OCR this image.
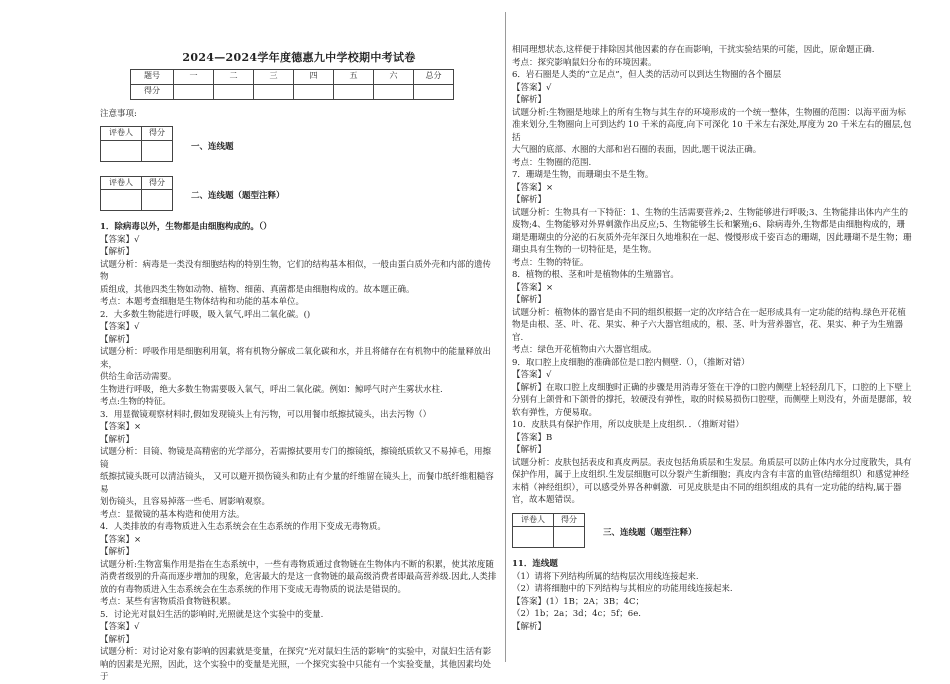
2024—2024学年度德惠九中学校期中考试卷
题号	一	二	三	四	五	六	总分
得分							
注意事项:
评卷人	得分

一、连线题
评卷人	得分

二、连线题（题型注释）

1．除病毒以外，生物都是由细胞构成的。（）

【答案】√

【解析】

试题分析：病毒是一类没有细胞结构的特别生物，它们的结构基本相似，一般由蛋白质外壳和内部的遗传物

质组成，其他四类生物如动物、植物、细菌、真菌都是由细胞构成的。故本题正确。

考点：本题考查细胞是生物体结构和功能的基本单位。

2．大多数生物能进行呼吸，吸入氧气,呼出二氧化碳。()

【答案】√

【解析】

试题分析：呼吸作用是细胞利用氧，将有机物分解成二氧化碳和水，并且将储存在有机物中的能量释放出来，

供给生命活动需要。

生物进行呼吸，绝大多数生物需要吸入氧气，呼出二氧化碳。例如：鲸呼气时产生雾状水柱.

考点:生物的特征。

3．用显微镜观察材料时,假如发现镜头上有污物，可以用餐巾纸擦拭镜头，出去污物（）

【答案】×

【解析】

试题分析：目镜、物镜是高精密的光学部分，若需擦拭要用专门的擦镜纸，擦镜纸质软又不易掉毛，用擦镜

纸擦拭镜头既可以清洁镜头， 又可以避开损伤镜头和防止有少量的纤维留在镜头上，而餐巾纸纤维粗糙容易

划伤镜头，且容易掉落一些毛、屑影响观察。

考点：显微镜的基本构造和使用方法。

4．人类排放的有毒物质进入生态系统会在生态系统的作用下变成无毒物质。

【答案】×

【解析】

试题分析:生物富集作用是指在生态系统中，一些有毒物质通过食物链在生物体内不断的积累，使其浓度随

消费者级别的升高而逐步增加的现象，危害最大的是这一食物链的最高级消费者即最高营养级.因此,人类排

放的有毒物质进入生态系统会在生态系统的作用下变成无毒物质的说法是错误的。

考点：某些有害物质沿食物链积累。

5．讨论光对鼠妇生活的影响时,光照就是这个实验中的变量.

【答案】√

【解析】

试题分析：对讨论对象有影响的因素就是变量，在探究“光对鼠妇生活的影响”的实验中，对鼠妇生活有影

响的因素是光照，因此，这个实验中的变量是光照，一个探究实验中只能有一个实验变量，其他因素均处于

相同理想状态,这样便于排除因其他因素的存在而影响，干扰实验结果的可能，因此，原命题正确.

考点：探究影响鼠妇分布的环境因素。

6．岩石圈是人类的“立足点”，但人类的活动可以到达生物圈的各个圈层

【答案】√

【解析】

试题分析:生物圈是地球上的所有生物与其生存的环境形成的一个统一整体，生物圈的范围：以海平面为标

准来划分,生物圈向上可到达约 10 千米的高度,向下可深化 10 千米左右深处,厚度为 20 千米左右的圈层,包括

大气圈的底部、水圈的大部和岩石圈的表面，因此,题干说法正确。

考点：生物圈的范围.

7．珊瑚是生物，而珊瑚虫不是生物。

【答案】×

【解析】

试题分析：生物具有一下特征：1、生物的生活需要营养;2、生物能够进行呼吸;3、生物能排出体内产生的

废物;4、生物能够对外界刺激作出反应;5、生物能够生长和繁殖;6、除病毒外,生物都是由细胞构成的，珊

瑚是珊瑚虫的分泌的石灰质外壳年深日久地堆积在一起、慢慢形成千姿百态的珊瑚，因此珊瑚不是生物；珊

瑚虫具有生物的一切特征是，是生物。

考点：生物的特征。

8．植物的根、茎和叶是植物体的生殖器官。

【答案】×

【解析】

试题分析：植物体的器官是由不同的组织根据一定的次序结合在一起形成具有一定功能的结构.绿色开花植

物是由根、茎、叶、花、果实、种子六大器官组成的，根、茎、叶为营养器官，花、果实、种子为生殖器官.

考点：绿色开花植物由六大器官组成。

9．取口腔上皮细胞的准确部位是口腔内侧壁.（），（推断对错）

【答案】√

【解析】在取口腔上皮细胞时正确的步骤是用消毒牙签在干净的口腔内侧壁上轻轻刮几下，口腔的上下壁上

分别有上颌骨和下颌骨的撑托，较硬没有弹性，取的时候易损伤口腔壁，而侧壁上则没有，外面是腮部，较

软有弹性，方便易取。

10．皮肤具有保护作用，所以皮肤是上皮组织．．（推断对错）

【答案】B

【解析】

试题分析：皮肤包括表皮和真皮两层。表皮包括角质层和生发层。角质层可以防止体内水分过度散失，具有

保护作用，属于上皮组织.生发层细胞可以分裂产生新细胞；真皮内含有丰富的血管(结缔组织）和感觉神经

末梢（神经组织），可以感受外界各种刺激．可见皮肤是由不同的组织组成的具有一定功能的结构,属于器

官，故本题错误。

评卷人	得分

三、连线题（题型注释）

11．连线题

（1）请将下列结构所属的结构层次用线连接起来.

（2）请将细胞中的下列结构与其相应的功能用线连接起来.

【答案】(1）1B；2A；3B；4C；

（2）1b；2a；3d；4c；5f；6e.

【解析】
